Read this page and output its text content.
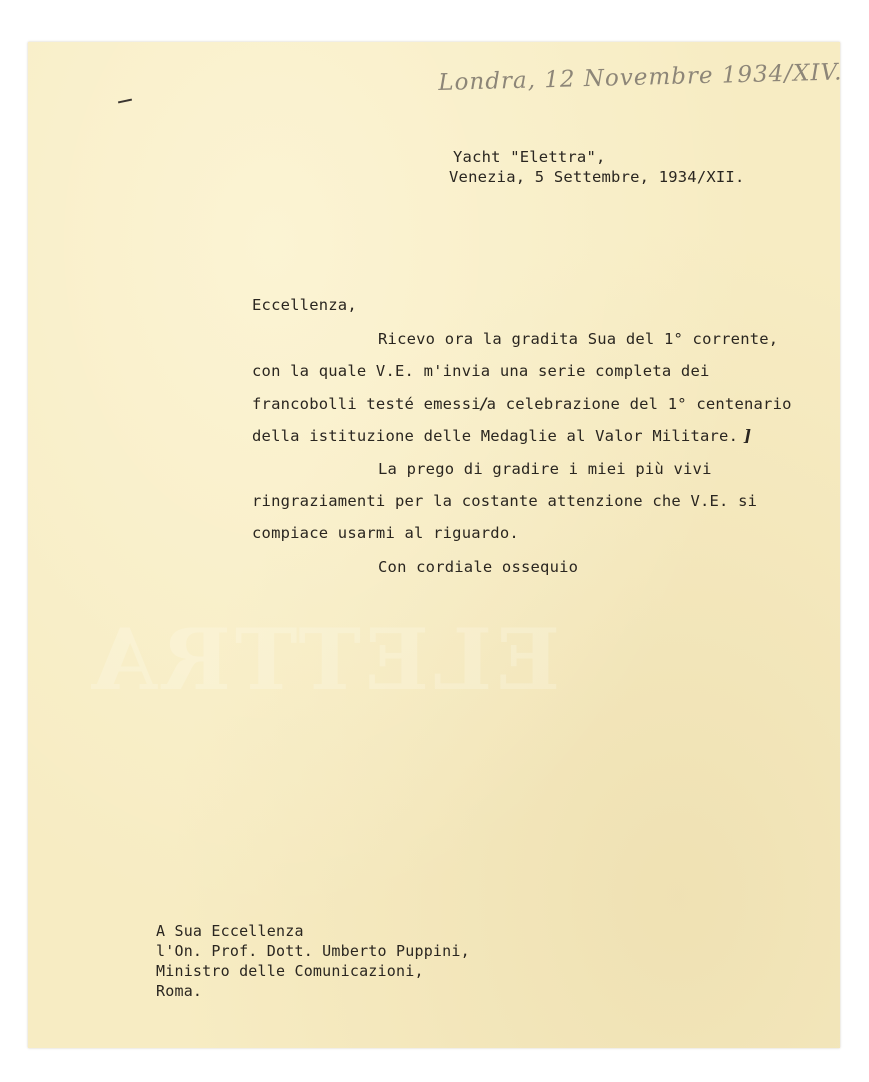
Londra, 12 Novembre 1934/XIV.
Yacht "Elettra",
Venezia, 5 Settembre, 1934/XII.
Eccellenza,
Ricevo ora la gradita Sua del 1° corrente,
con la quale V.E. m'invia una serie completa dei
francobolli testé emessi/a celebrazione del 1° centenario
della istituzione delle Medaglie al Valor Militare. ]
La prego di gradire i miei più vivi
ringraziamenti per la costante attenzione che V.E. si
compiace usarmi al riguardo.
Con cordiale ossequio
ELETTRA
A Sua Eccellenza
l'On. Prof. Dott. Umberto Puppini,
Ministro delle Comunicazioni,
Roma.
